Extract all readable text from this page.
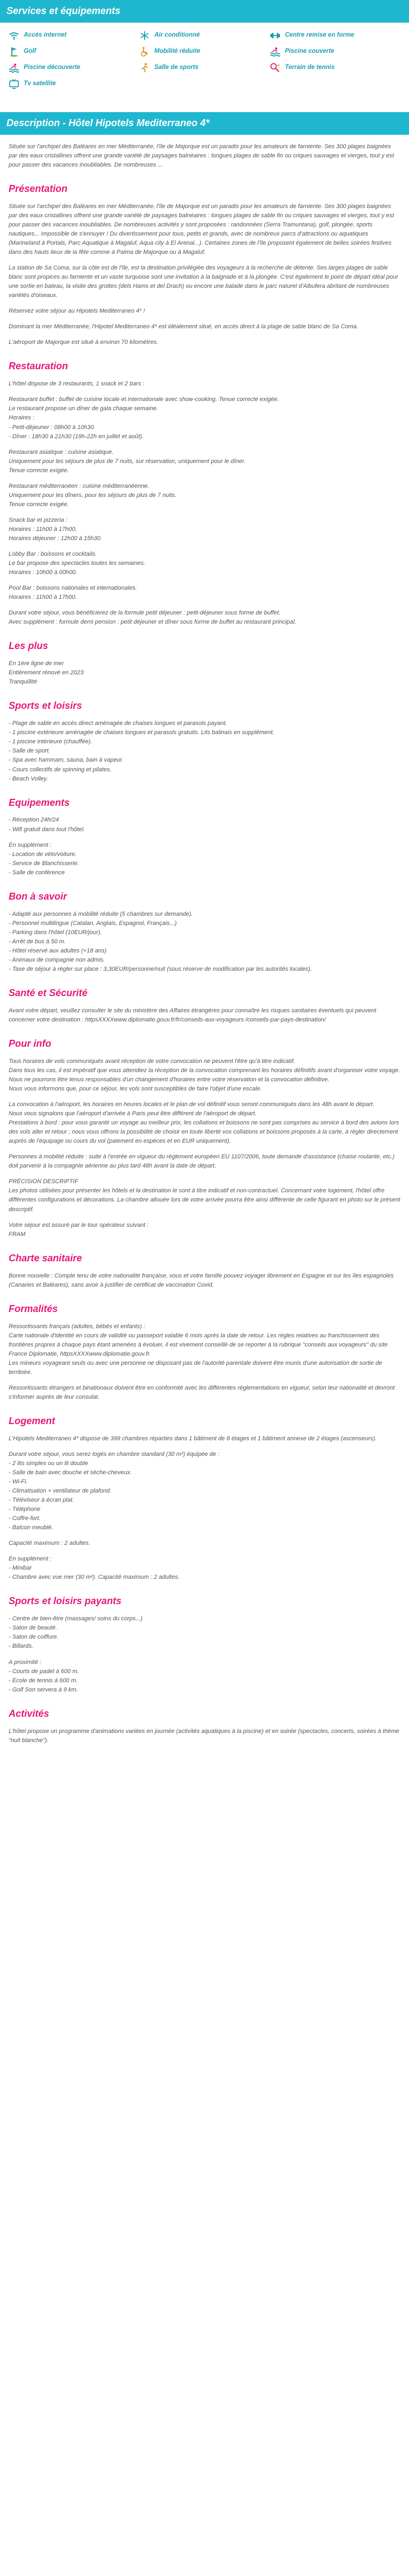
Services et équipements
Accès internet	Air conditionné	Centre remise en forme
Golf	Mobilité réduite	Piscine couverte
Piscine découverte	Salle de sports	Terrain de tennis
Tv satellite
Description - Hôtel Hipotels Mediterraneo 4*

Située sur l'archipel des Baléares en mer Méditerranée, l'île de Majorque est un paradis pour les amateurs de farniente. Ses 300 plages baignées par des eaux cristallines offrent une grande variété de paysages balnéaires : longues plages de sable fin ou criques sauvages et vierges, tout y est pour passer des vacances inoubliables. De nombreuses ...

Présentation

Située sur l'archipel des Baléares en mer Méditerranée, l'île de Majorque est un paradis pour les amateurs de farniente. Ses 300 plages baignées par des eaux cristallines offrent une grande variété de paysages balnéaires : longues plages de sable fin ou criques sauvages et vierges, tout y est pour passer des vacances inoubliables. De nombreuses activités y sont proposées : randonnées (Serra Tramuntana), golf, plongée, sports nautiques... Impossible de s'ennuyer ! Du divertissement pour tous, petits et grands, avec de nombreux parcs d'attractions ou aquatiques (Marineland à Portals, Parc Aquatique à Magaluf, Aqua city à El Arenal...). Certaines zones de l'île proposent également de belles soirées festives dans des hauts lieux de la fête comme à Palma de Majorque ou à Magaluf.

La station de Sa Coma, sur la côte est de l'île, est la destination privilégiée des voyageurs à la recherche de détente. Ses larges plages de sable blanc sont propices au farniente et un vaste turquoise sont une invitation à la baignade et à la plongée. C'est également le point de départ idéal pour une sortie en bateau, la visite des grottes (dels Hams et del Drach) ou encore une balade dans le parc naturel d'Albufera abritant de nombreuses variétés d'oiseaux.

Réservez votre séjour au Hipotels Mediterraneo 4* !

Dominant la mer Méditerranée, l'Hipotel Mediterraneo 4* est idéalement situé, en accès direct à la plage de sable blanc de Sa Coma.

L'aéroport de Majorque est situé à environ 70 kilomètres.

Restauration

L'hôtel dispose de 3 restaurants, 1 snack et 2 bars :

Restaurant buffet : buffet de cuisine locale et internationale avec show-cooking. Tenue correcte exigée.

Le restaurant propose un dîner de gala chaque semaine.

Horaires :

- Petit-déjeuner : 08h00 à 10h30.

- Dîner : 18h30 à 21h30 (19h-22h en juillet et août).

Restaurant asiatique : cuisine asiatique.

Uniquement pour les séjours de plus de 7 nuits, sur réservation, uniquement pour le dîner.

Tenue correcte exigée.

Restaurant méditerranéen : cuisine méditerranéenne.

Uniquement pour les dîners, pour les séjours de plus de 7 nuits.

Tenue correcte exigée.

Snack bar et pizzeria :

Horaires : 11h00 à 17h00.

Horaires déjeuner : 12h00 à 15h30.

Lobby Bar : boissons et cocktails.

Le bar propose des spectacles toutes les semaines.

Horaires : 10h00 à 00h00.

Pool Bar : boissons nationales et internationales.

Horaires : 11h00 à 17h00.

Durant votre séjour, vous bénéficierez de la formule petit déjeuner : petit-déjeuner sous forme de buffet.

Avec supplément : formule demi pension : petit déjeuner et dîner sous forme de buffet au restaurant principal.

Les plus

En 1ère ligne de mer

Entièrement rénové en 2023

Tranquillité

Sports et loisirs

- Plage de sable en accès direct aménagée de chaises longues et parasols payant.

- 1 piscine extérieure aménagée de chaises longues et parasols gratuits. Lits balinais en supplément.

- 1 piscine intérieure (chauffée).

- Salle de sport.

- Spa avec hammam, sauna, bain à vapeur.

- Cours collectifs de spinning et pilates.

- Beach Volley.

Equipements

- Réception 24h/24

- Wifi gratuit dans tout l'hôtel.

En supplément :

- Location de vélo/voiture.

- Service de Blanchisserie.

- Salle de conférence

Bon à savoir

- Adapté aux personnes à mobilité réduite (5 chambres sur demande).

- Personnel multilingue (Catalan, Anglais, Espagnol, Français...)

- Parking dans l'hôtel (10EUR/jour).

- Arrêt de bus à 50 m.

- Hôtel réservé aux adultes (+18 ans)

- Animaux de compagnie non admis.

- Taxe de séjour à régler sur place : 3,30EUR/personne/nuit (sous réserve de modification par les autorités locales).

Santé et Sécurité

Avant votre départ, veuillez consulter le site du ministère des Affaires étrangères pour connaître les risques sanitaires éventuels qui peuvent concerner votre destination : httpsXXXXwww.diplomatie.gouv.fr/fr/conseils-aux-voyageurs /conseils-par-pays-destination/

Pour info

Tous horaires de vols communiqués avant réception de votre convocation ne peuvent l'être qu'à titre indicatif.

Dans tous les cas, il est impératif que vous attendiez la réception de la convocation comprenant les horaires définitifs avant d'organiser votre voyage.

Nous ne pourrons être tenus responsables d'un changement d'horaires entre votre réservation et la convocation définitive.

Nous vous informons que, pour ce séjour, les vols sont susceptibles de faire l'objet d'une escale.

La convocation à l'aéroport, les horaires en heures locales et le plan de vol définitif vous seront communiqués dans les 48h avant le départ.

Nous vous signalons que l'aéroport d'arrivée à Paris peut être différent de l'aéroport de départ.

Prestations à bord : pour vous garantir un voyage au meilleur prix, les collations et boissons ne sont pas comprises au service à bord des avions lors des vols aller et retour ; nous vous offrons la possibilité de choisir en toute liberté vos collations et boissons proposés à la carte, à régler directement auprès de l'équipage ou cours du vol (paiement en espèces et en EUR uniquement).

Personnes à mobilité réduite : suite à l'entrée en vigueur du règlement européen EU 1107/2006, toute demande d'assistance (chaise roulante, etc.) doit parvenir à la compagnie aérienne au plus tard 48h avant la date de départ.

PRÉCISION DESCRIPTIF

Les photos utilisées pour présenter les hôtels et la destination le sont à titre indicatif et non-contractuel. Concernant votre logement, l'hôtel offre différentes configurations et décorations. La chambre allouée lors de votre arrivée pourra être ainsi différente de celle figurant en photo sur le présent descriptif.

Votre séjour est assuré par le tour opérateur suivant :

FRAM

Charte sanitaire

Bonne nouvelle : Compte tenu de votre nationalité française, vous et votre famille pouvez voyager librement en Espagne et sur les îles espagnoles (Canaries et Baléares), sans avoir à justifier de certificat de vaccination Covid.

Formalités

Ressortissants français (adultes, bébés et enfants) :

Carte nationale d'identité en cours de validité ou passeport valable 6 mois après la date de retour. Les règles relatives au franchissement des frontières propres à chaque pays étant amenées à évoluer, il est vivement conseillé de se reporter à la rubrique "conseils aux voyageurs" du site France Diplomatie, httpsXXXXwww.diplomatie.gouv.fr.

Les mineurs voyageant seuls ou avec une personne ne disposant pas de l'autorité parentale doivent être munis d'une autorisation de sortie de territoire.

Ressortissants étrangers et binationaux doivent être en conformité avec les différentes réglementations en vigueur, selon leur nationalité et devront s'informer auprès de leur consulat.

Logement

L'Hipotels Mediterraneo 4* dispose de 399 chambres réparties dans 1 bâtiment de 8 étages et 1 bâtiment annexe de 2 étages (ascenseurs).

Durant votre séjour, vous serez logés en chambre standard (30 m²) équipée de :

- 2 lits simples ou un lit double

- Salle de bain avec douche et sèche-cheveux.

- Wi-Fi.

- Climatisation + ventilateur de plafond.

- Téléviseur à écran plat.

- Téléphone

- Coffre-fort.

- Balcon meublé.

Capacité maximum : 2 adultes.

En supplément :

- Minibar

- Chambre avec vue mer (30 m²). Capacité maximum : 2 adultes.

Sports et loisirs payants

- Centre de bien-être (massages/ soins du corps...)

- Salon de beauté.

- Salon de coiffure.

- Billards.

A proximité :

- Courts de padel à 600 m.

- Ecole de tennis à 600 m.

- Golf Son servera à 9 km.

Activités

L'hôtel propose un programme d'animations variées en journée (activités aquatiques à la piscine) et en soirée (spectacles, concerts, soirées à thème "nuit blanche").
